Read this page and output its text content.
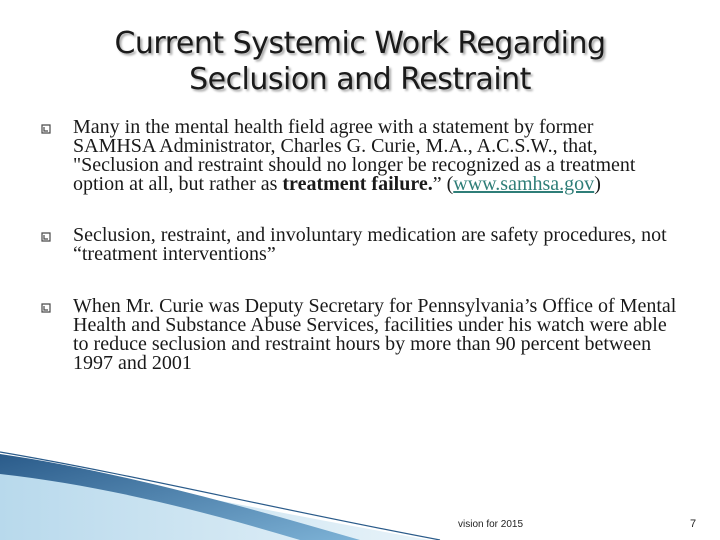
Current Systemic Work Regarding
Seclusion and Restraint
Many in the mental health field agree with a statement by former SAMHSA Administrator, Charles G. Curie, M.A., A.C.S.W., that, "Seclusion and restraint should no longer be recognized as a treatment option at all, but rather as treatment failure.” (www.samhsa.gov)
Seclusion, restraint, and involuntary medication are safety procedures, not “treatment interventions”
When Mr. Curie was Deputy Secretary for Pennsylvania’s Office of Mental Health and Substance Abuse Services, facilities under his watch were able to reduce seclusion and restraint hours by more than 90 percent between 1997 and 2001
vision for 2015	7
